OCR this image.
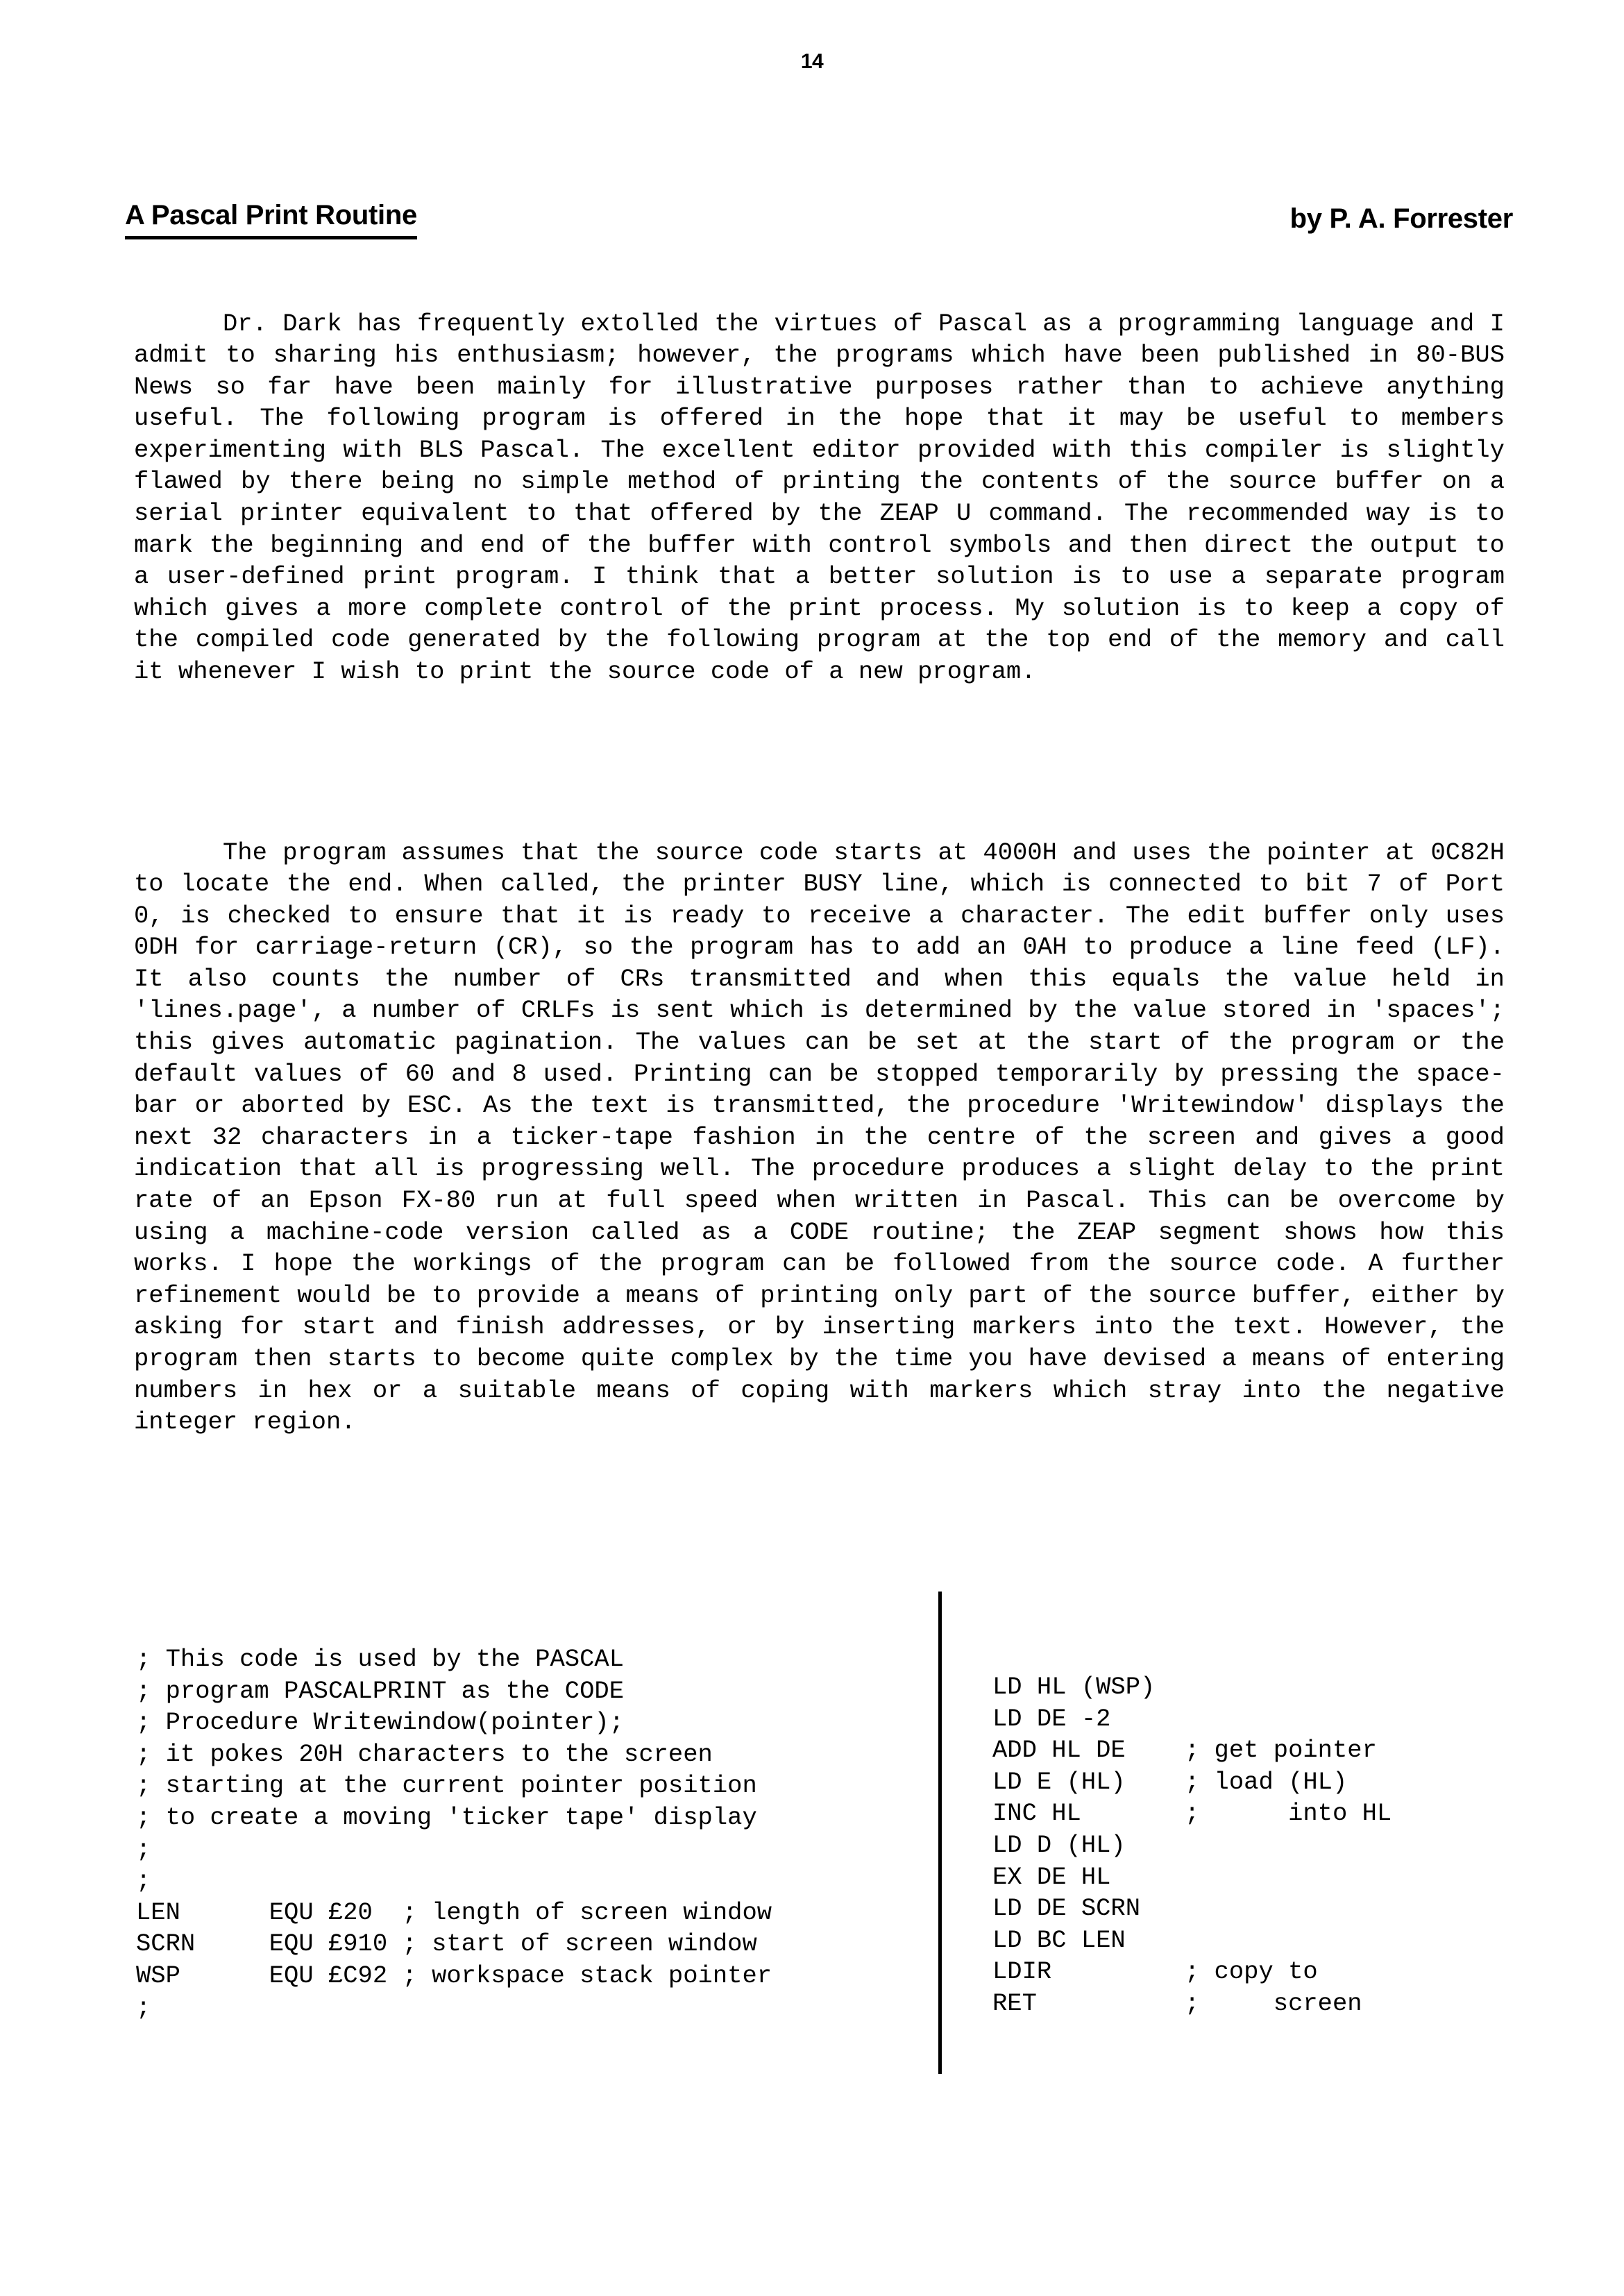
14
A Pascal Print Routine	by P. A. Forrester

Dr. Dark has frequently extolled the virtues of Pascal as a programming language and I admit to sharing his enthusiasm; however, the programs which have been published in 80-BUS News so far have been mainly for illustrative purposes rather than to achieve anything useful. The following program is offered in the hope that it may be useful to members experimenting with BLS Pascal. The excellent editor provided with this compiler is slightly flawed by there being no simple method of printing the contents of the source buffer on a serial printer equivalent to that offered by the ZEAP U command. The recommended way is to mark the beginning and end of the buffer with control symbols and then direct the output to a user-defined print program. I think that a better solution is to use a separate program which gives a more complete control of the print process. My solution is to keep a copy of the compiled code generated by the following program at the top end of the memory and call it whenever I wish to print the source code of a new program.

The program assumes that the source code starts at 4000H and uses the pointer at 0C82H to locate the end. When called, the printer BUSY line, which is connected to bit 7 of Port 0, is checked to ensure that it is ready to receive a character. The edit buffer only uses 0DH for carriage-return (CR), so the program has to add an 0AH to produce a line feed (LF). It also counts the number of CRs transmitted and when this equals the value held in ʹlines.pageʹ, a number of CRLFs is sent which is determined by the value stored in ʹspacesʹ; this gives automatic pagination. The values can be set at the start of the program or the default values of 60 and 8 used. Printing can be stopped temporarily by pressing the space-bar or aborted by ESC. As the text is transmitted, the procedure ʹWritewindowʹ displays the next 32 characters in a ticker-tape fashion in the centre of the screen and gives a good indication that all is progressing well. The procedure produces a slight delay to the print rate of an Epson FX-80 run at full speed when written in Pascal. This can be overcome by using a machine-code version called as a CODE routine; the ZEAP segment shows how this works. I hope the workings of the program can be followed from the source code. A further refinement would be to provide a means of printing only part of the source buffer, either by asking for start and finish addresses, or by inserting markers into the text. However, the program then starts to become quite complex by the time you have devised a means of entering numbers in hex or a suitable means of coping with markers which stray into the negative integer region.

; This code is used by the PASCAL
; program PASCALPRINT as the CODE
; Procedure Writewindow(pointer);
; it pokes 20H characters to the screen
; starting at the current pointer position
; to create a moving ʹticker tapeʹ display
;
;
LEN      EQU £20  ; length of screen window
SCRN     EQU £910 ; start of screen window
WSP      EQU £C92 ; workspace stack pointer
;
LD HL (WSP)
LD DE -2
ADD HL DE    ; get pointer
LD E (HL)    ; load (HL)
INC HL       ;      into HL
LD D (HL)
EX DE HL
LD DE SCRN
LD BC LEN
LDIR         ; copy to
RET          ;     screen
